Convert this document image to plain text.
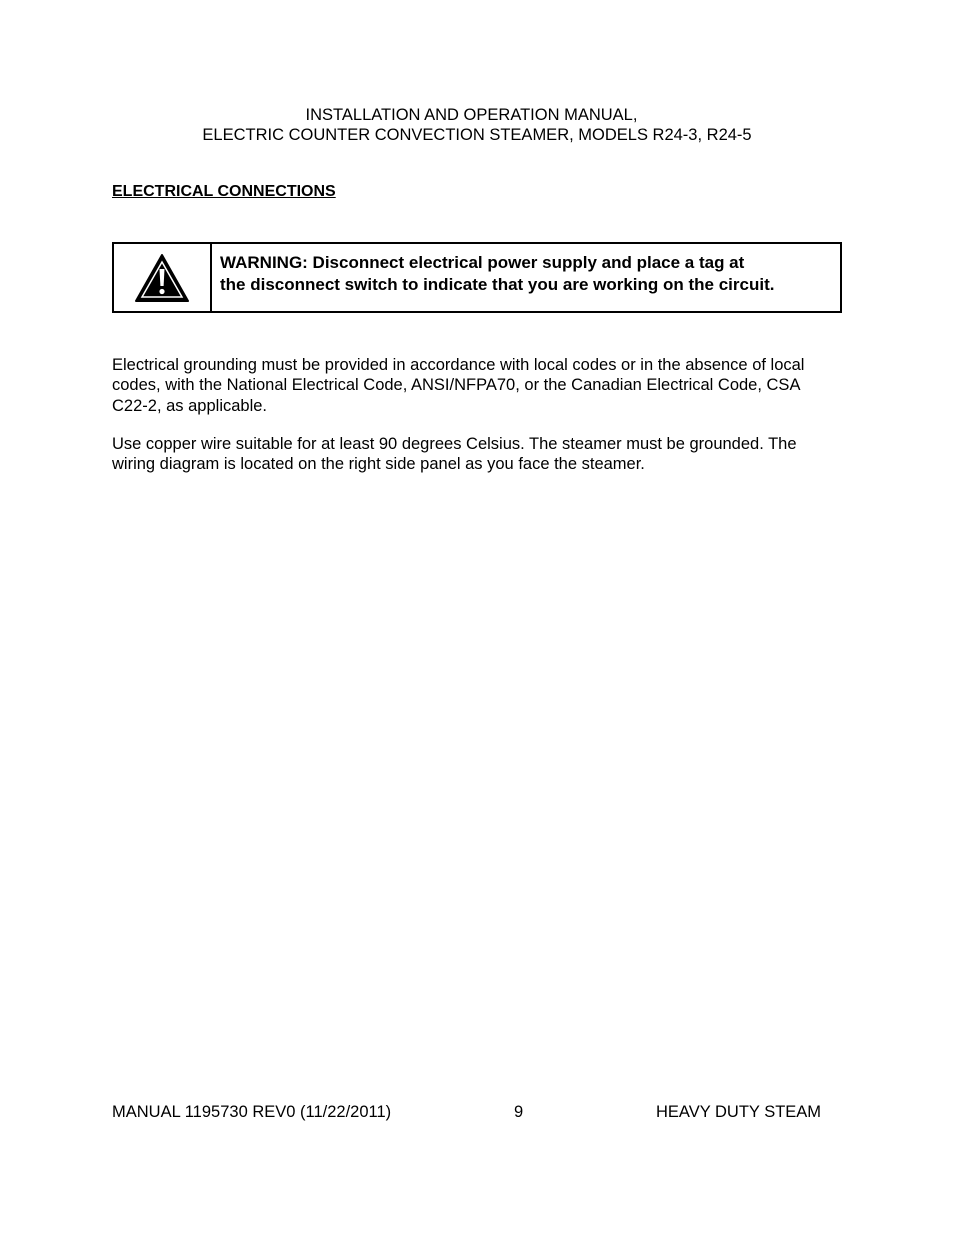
INSTALLATION AND OPERATION MANUAL,
ELECTRIC COUNTER CONVECTION STEAMER, MODELS R24-3, R24-5
ELECTRICAL CONNECTIONS
WARNING: Disconnect electrical power supply and place a tag at
the disconnect switch to indicate that you are working on the circuit.
Electrical grounding must be provided in accordance with local codes or in the absence of local
codes, with the National Electrical Code, ANSI/NFPA70, or the Canadian Electrical Code, CSA
C22-2, as applicable.
Use copper wire suitable for at least 90 degrees Celsius. The steamer must be grounded. The
wiring diagram is located on the right side panel as you face the steamer.
MANUAL 1195730 REV0 (11/22/2011)	9	HEAVY DUTY STEAM
